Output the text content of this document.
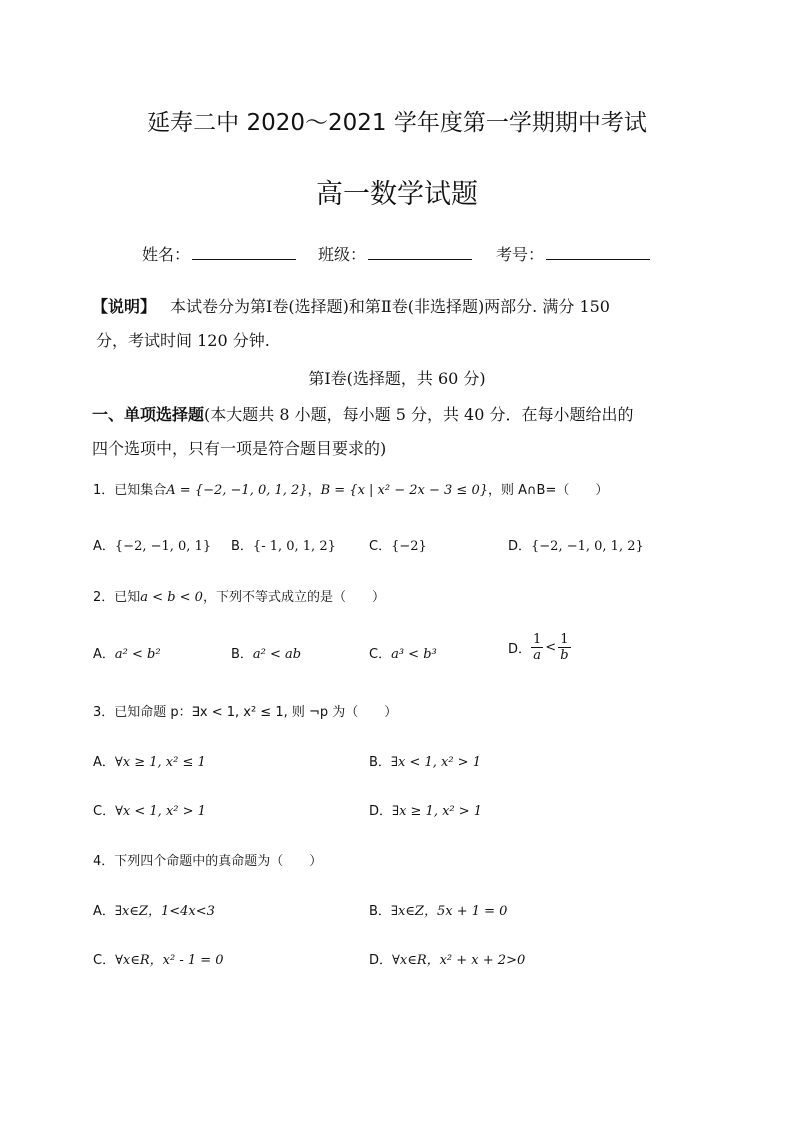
延寿二中 2020～2021 学年度第一学期期中考试
高一数学试题
姓名：	班级：	考号：
【说明】 本试卷分为第Ⅰ卷(选择题)和第Ⅱ卷(非选择题)两部分. 满分 150
分，考试时间 120 分钟.
第Ⅰ卷(选择题，共 60 分)
一、单项选择题(本大题共 8 小题，每小题 5 分，共 40 分．在每小题给出的
四个选项中，只有一项是符合题目要求的)
1．已知集合A = {−2, −1, 0, 1, 2}，B = {x | x² − 2x − 3 ≤ 0}，则 A∩B=（　　）
A．{−2, −1, 0, 1} B．{- 1, 0, 1, 2}	C．{−2}	D．{−2, −1, 0, 1, 2}
2．已知a < b < 0，下列不等式成立的是（　　）
A．a² < b²	B．a² < ab	C．a³ < b³	D． $\frac{1}{a} < \frac{1}{b}$
3．已知命题 p：∃x < 1, x² ≤ 1, 则 ¬p 为（　　）
A．∀x ≥ 1, x² ≤ 1	B．∃x < 1, x² > 1
C．∀x < 1, x² > 1	D．∃x ≥ 1, x² > 1
4．下列四个命题中的真命题为（　　）
A．∃x∈Z，1<4x<3	B．∃x∈Z，5x + 1 = 0
C．∀x∈R，x² - 1 = 0	D．∀x∈R，x² + x + 2>0
